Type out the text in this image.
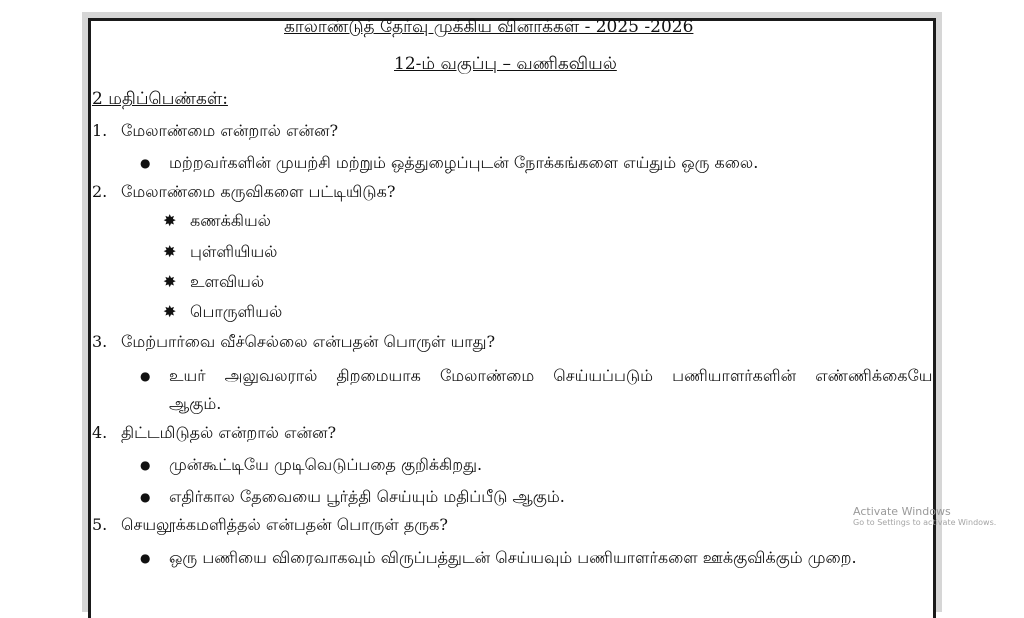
காலாண்டுத் தேர்வு முக்கிய வினாக்கள் - 2025 -2026
12-ம் வகுப்பு – வணிகவியல்
2 மதிப்பெண்கள்:
1. மேலாண்மை என்றால் என்ன?
● மற்றவர்களின் முயற்சி மற்றும் ஒத்துழைப்புடன் நோக்கங்களை எய்தும் ஒரு கலை.
2. மேலாண்மை கருவிகளை பட்டியிடுக?
✸ கணக்கியல்
✸ புள்ளியியல்
✸ உளவியல்
✸ பொருளியல்
3. மேற்பார்வை வீச்செல்லை என்பதன் பொருள் யாது?
● உயர் அலுவலரால் திறமையாக மேலாண்மை செய்யப்படும் பணியாளர்களின் எண்ணிக்கையே
ஆகும்.
4. திட்டமிடுதல் என்றால் என்ன?
● முன்கூட்டியே முடிவெடுப்பதை குறிக்கிறது.
● எதிர்கால தேவையை பூர்த்தி செய்யும் மதிப்பீடு ஆகும்.
5. செயலூக்கமளித்தல் என்பதன் பொருள் தருக?
● ஒரு பணியை விரைவாகவும் விருப்பத்துடன் செய்யவும் பணியாளர்களை ஊக்குவிக்கும் முறை.
Activate Windows
Go to Settings to activate Windows.
